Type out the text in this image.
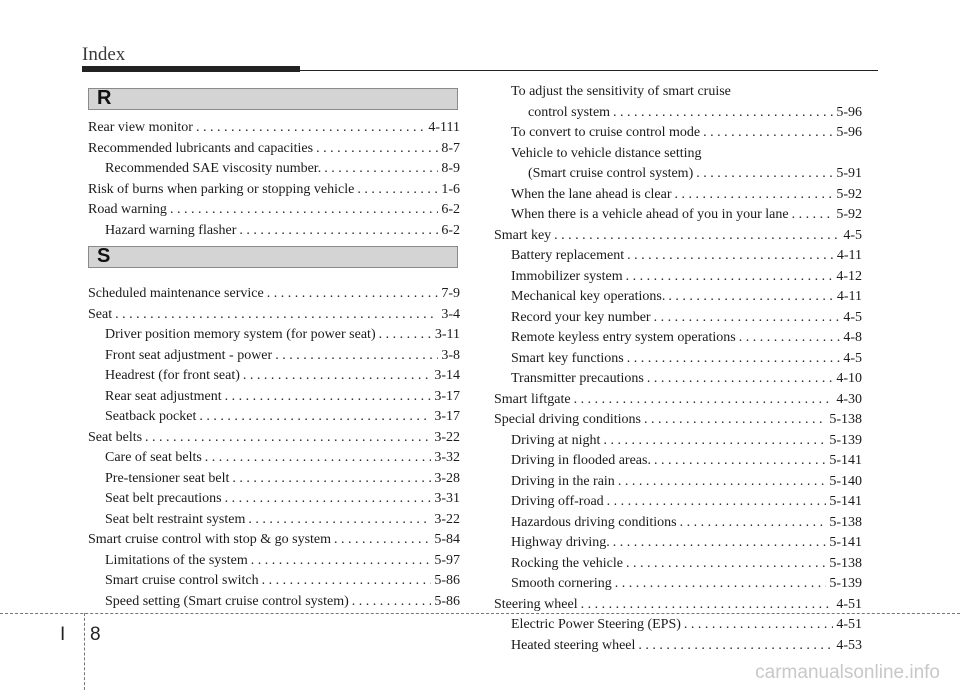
Index
R
Rear view monitor . . .	4-111
Recommended lubricants and capacities . . .	8-7
Recommended SAE viscosity number. . . .	8-9
Risk of burns when parking or stopping vehicle . . .	1-6
Road warning . . .	6-2
Hazard warning flasher . . .	6-2
S
Scheduled maintenance service . . .	7-9
Seat . . .	3-4
Driver position memory system (for power seat) . . .	3-11
Front seat adjustment - power . . .	3-8
Headrest (for front seat) . . .	3-14
Rear seat adjustment . . .	3-17
Seatback pocket . . .	3-17
Seat belts . . .	3-22
Care of seat belts . . .	3-32
Pre-tensioner seat belt . . .	3-28
Seat belt precautions . . .	3-31
Seat belt restraint system . . .	3-22
Smart cruise control with stop & go system . . .	5-84
Limitations of the system . . .	5-97
Smart cruise control switch . . .	5-86
Speed setting (Smart cruise control system) . . .	5-86
To adjust the sensitivity of smart cruise
control system . . .	5-96
To convert to cruise control mode . . .	5-96
Vehicle to vehicle distance setting
(Smart cruise control system) . . .	5-91
When the lane ahead is clear . . .	5-92
When there is a vehicle ahead of you in your lane . . .	5-92
Smart key . . .	4-5
Battery replacement . . .	4-11
Immobilizer system . . .	4-12
Mechanical key operations. . . .	4-11
Record your key number . . .	4-5
Remote keyless entry system operations . . .	4-8
Smart key functions . . .	4-5
Transmitter precautions . . .	4-10
Smart liftgate . . .	4-30
Special driving conditions . . .	5-138
Driving at night . . .	5-139
Driving in flooded areas. . . .	5-141
Driving in the rain . . .	5-140
Driving off-road . . .	5-141
Hazardous driving conditions . . .	5-138
Highway driving. . . .	5-141
Rocking the vehicle . . .	5-138
Smooth cornering . . .	5-139
Steering wheel . . .	4-51
Electric Power Steering (EPS) . . .	4-51
Heated steering wheel . . .	4-53
I 8
carmanualsonline.info
